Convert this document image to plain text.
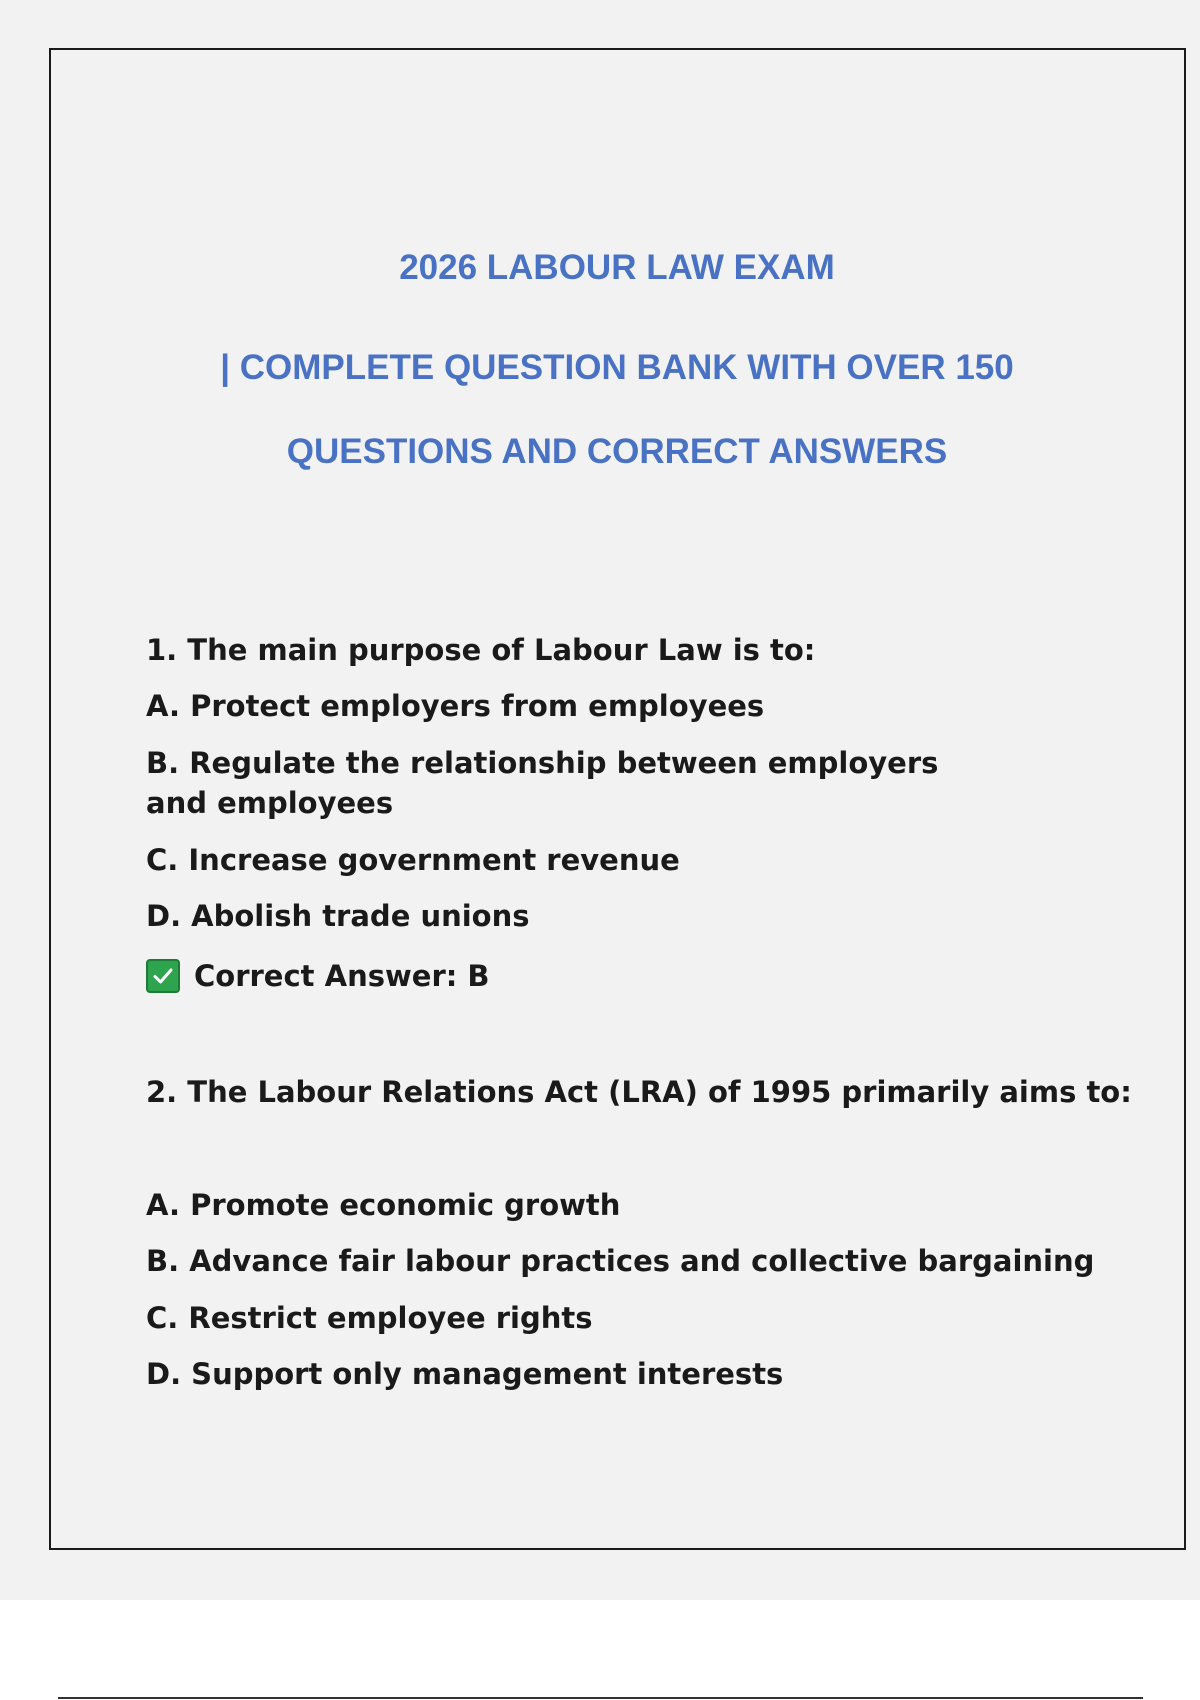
2026 LABOUR LAW EXAM
| COMPLETE QUESTION BANK WITH OVER 150
QUESTIONS AND CORRECT ANSWERS
1. The main purpose of Labour Law is to:
A. Protect employers from employees
B. Regulate the relationship between employers and employees
C. Increase government revenue
D. Abolish trade unions
Correct Answer: B
2. The Labour Relations Act (LRA) of 1995 primarily aims to:
A. Promote economic growth
B. Advance fair labour practices and collective bargaining
C. Restrict employee rights
D. Support only management interests
